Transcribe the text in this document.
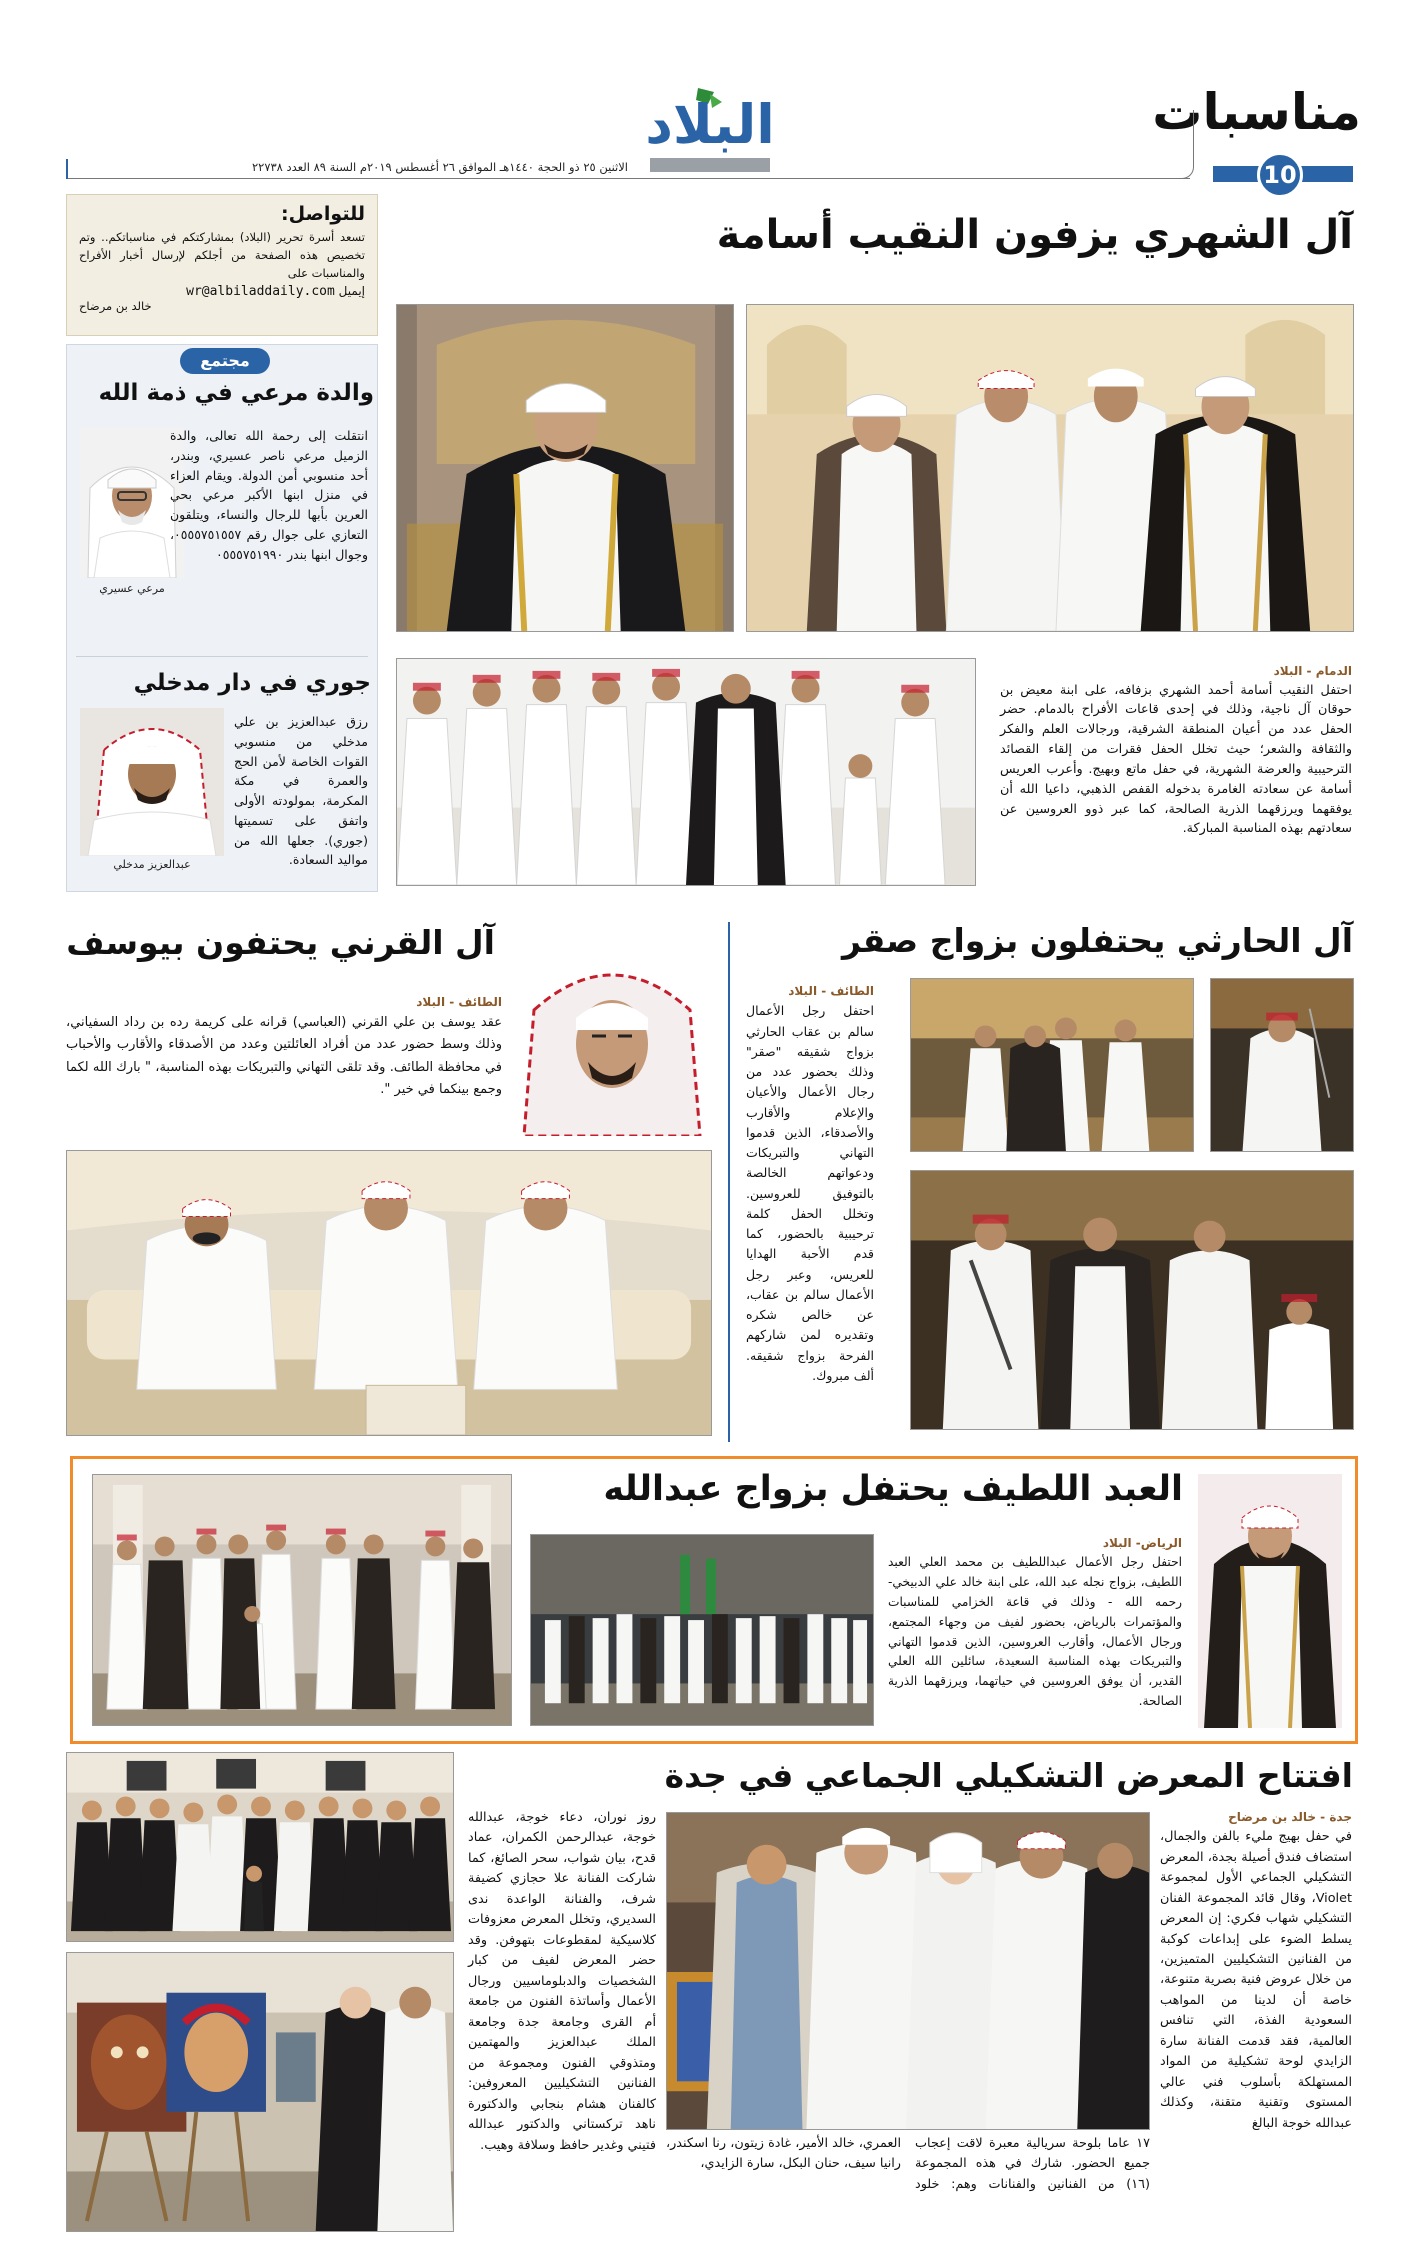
مناسبات
10
البلاد
الاثنين ٢٥ ذو الحجة ١٤٤٠هـ الموافق ٢٦ أغسطس ٢٠١٩م السنة ٨٩ العدد ٢٢٧٣٨
للتواصل:
تسعد أسرة تحرير (البلاد) بمشاركتكم في مناسباتكم.. وتم تخصيص هذه الصفحة من أجلكم لإرسال أخبار الأفراح والمناسبات على
إيميل wr@albiladdaily.com
خالد بن مرضاح
مجتمع
والدة مرعي في ذمة الله
مرعي عسيري
انتقلت إلى رحمة الله تعالى، والدة الزميل مرعي ناصر عسيري، وبندر، أحد منسوبي أمن الدولة. ويقام العزاء في منزل ابنها الأكبر مرعي بحي العرين بأبها للرجال والنساء، ويتلقون التعازي على جوال رقم ٠٥٥٥٧٥١٥٥٧، وجوال ابنها بندر ٠٥٥٥٧٥١٩٩٠
جوري في دار مدخلي
عبدالعزيز مدخلي
رزق عبدالعزيز بن علي مدخلي من منسوبي القوات الخاصة لأمن الحج والعمرة في مكة المكرمة، بمولودته الأولى واتفق على تسميتها (جوري). جعلها الله من مواليد السعادة.
آل الشهري يزفون النقيب أسامة
الدمام - البلاد
احتفل النقيب أسامة أحمد الشهري بزفافه، على ابنة معيض بن حوقان آل ناجية، وذلك في إحدى قاعات الأفراح بالدمام. حضر الحفل عدد من أعيان المنطقة الشرقية، ورجالات العلم والفكر والثقافة والشعر؛ حيث تخلل الحفل فقرات من إلقاء القصائد الترحيبية والعرضة الشهرية، في حفل ماتع وبهيج. وأعرب العريس أسامة عن سعادته الغامرة بدخوله القفص الذهبي، داعيا الله أن يوفقهما ويرزقهما الذرية الصالحة، كما عبر ذوو العروسين عن سعادتهم بهذه المناسبة المباركة.
آل الحارثي يحتفلون بزواج صقر
الطائف - البلاد
احتفل رجل الأعمال سالم بن عقاب الحارثي بزواج شقيقه "صقر" وذلك بحضور عدد من رجال الأعمال والأعيان والإعلام والأقارب والأصدقاء، الذين قدموا التهاني والتبريكات ودعواتهم الخالصة بالتوفيق للعروسين. وتخلل الحفل كلمة ترحيبية بالحضور، كما قدم الأحبة الهدايا للعريس، وعبر رجل الأعمال سالم بن عقاب، عن خالص شكره وتقديره لمن شاركهم الفرحة بزواج شقيقه. ألف مبروك.
آل القرني يحتفون بيوسف
الطائف - البلاد
عقد يوسف بن علي القرني (العباسي) قرانه على كريمة رده بن رداد السفياني، وذلك وسط حضور عدد من أفراد العائلتين وعدد من الأصدقاء والأقارب والأحباب في محافظة الطائف. وقد تلقى التهاني والتبريكات بهذه المناسبة، " بارك الله لكما وجمع بينكما في خير ".
العبد اللطيف يحتفل بزواج عبدالله
الرياض- البلاد
احتفل رجل الأعمال عبداللطيف بن محمد العلي العبد اللطيف، بزواج نجله عبد الله، على ابنة خالد علي الدبيخي- رحمه الله - وذلك في قاعة الخزامي للمناسبات والمؤتمرات بالرياض، بحضور لفيف من وجهاء المجتمع، ورجال الأعمال، وأقارب العروسين، الذين قدموا التهاني والتبريكات بهذه المناسبة السعيدة، سائلين الله العلي القدير، أن يوفق العروسين في حياتهما، ويرزقهما الذرية الصالحة.
افتتاح المعرض التشكيلي الجماعي في جدة
جدة - خالد بن مرضاح
في حفل بهيج مليء بالفن والجمال، استضاف فندق أصيلة بجدة، المعرض التشكيلي الجماعي الأول لمجموعة Violet، وقال قائد المجموعة الفنان التشكيلي شهاب فكري: إن المعرض يسلط الضوء على إبداعات كوكبة من الفنانين التشكيليين المتميزين، من خلال عروض فنية بصرية متنوعة، خاصة أن لدينا من المواهب السعودية الفذة، التي تنافس العالمية، فقد قدمت الفنانة سارة الزايدي لوحة تشكيلية من المواد المستهلكة بأسلوب فني عالي المستوى وتقنية متقنة، وكذلك عبدالله خوجة البالغ
١٧ عاما بلوحة سريالية معبرة لاقت إعجاب جميع الحضور. شارك في هذه المجموعة (١٦) من الفنانين والفنانات وهم: خلود العمري، خالد الأمير، غادة زيتون، رنا اسكندر، رانيا سيف، حنان البكل، سارة الزايدي،
روز نوران، دعاء خوجة، عبدالله خوجة، عبدالرحمن الكمران، عماد قدح، بيان شواب، سحر الصائغ، كما شاركت الفنانة علا حجازي كضيفة شرف، والفنانة الواعدة ندى السديري، وتخلل المعرض معزوفات كلاسيكية لمقطوعات بتهوفن. وقد حضر المعرض لفيف من كبار الشخصيات والدبلوماسيين ورجال الأعمال وأساتذة الفنون من جامعة أم القرى وجامعة جدة وجامعة الملك عبدالعزيز والمهتمين ومتذوقي الفنون ومجموعة من الفنانين التشكيليين المعروفين: كالفنان هشام بنجابي والدكتورة ناهد تركستاني والدكتور عبدالله فتيني وغدير حافظ وسلافة وهيب.
